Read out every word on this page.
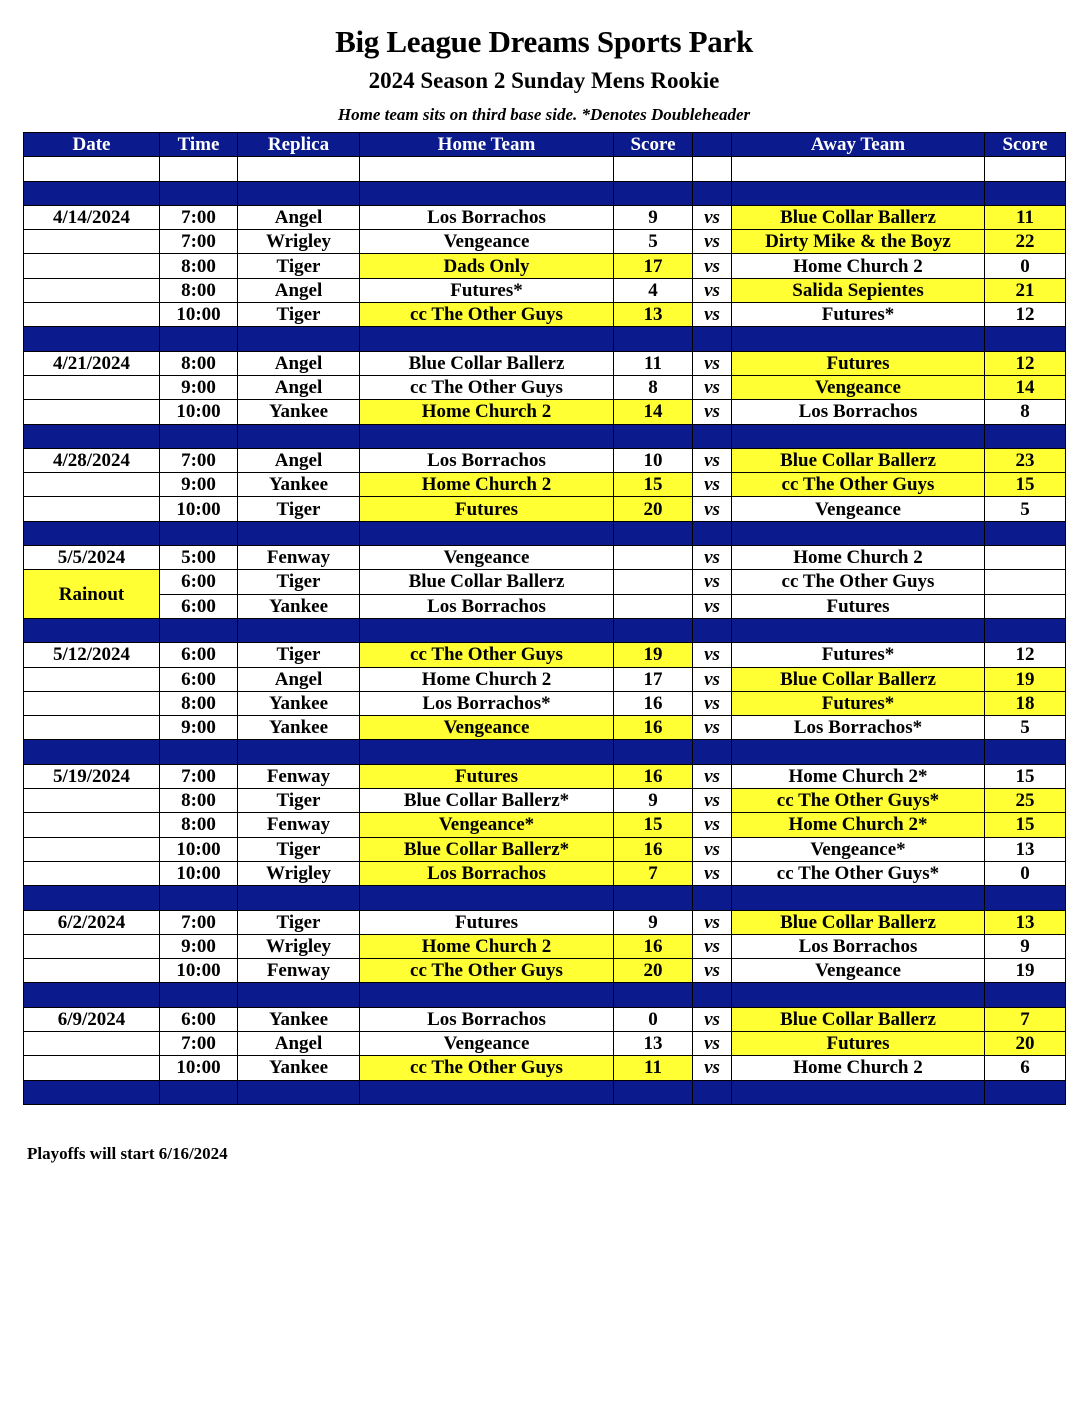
Big League Dreams Sports Park
2024 Season 2 Sunday Mens Rookie
Home team sits on third base side. *Denotes Doubleheader
Date	Time	Replica	Home Team	Score		Away Team	Score

4/14/2024	7:00	Angel	Los Borrachos	9	vs	Blue Collar Ballerz	11
	7:00	Wrigley	Vengeance	5	vs	Dirty Mike & the Boyz	22
	8:00	Tiger	Dads Only	17	vs	Home Church 2	0
	8:00	Angel	Futures*	4	vs	Salida Sepientes	21
	10:00	Tiger	cc The Other Guys	13	vs	Futures*	12

4/21/2024	8:00	Angel	Blue Collar Ballerz	11	vs	Futures	12
	9:00	Angel	cc The Other Guys	8	vs	Vengeance	14
	10:00	Yankee	Home Church 2	14	vs	Los Borrachos	8

4/28/2024	7:00	Angel	Los Borrachos	10	vs	Blue Collar Ballerz	23
	9:00	Yankee	Home Church 2	15	vs	cc The Other Guys	15
	10:00	Tiger	Futures	20	vs	Vengeance	5

5/5/2024	5:00	Fenway	Vengeance		vs	Home Church 2	
Rainout	6:00	Tiger	Blue Collar Ballerz		vs	cc The Other Guys	
	6:00	Yankee	Los Borrachos		vs	Futures	

5/12/2024	6:00	Tiger	cc The Other Guys	19	vs	Futures*	12
	6:00	Angel	Home Church 2	17	vs	Blue Collar Ballerz	19
	8:00	Yankee	Los Borrachos*	16	vs	Futures*	18
	9:00	Yankee	Vengeance	16	vs	Los Borrachos*	5

5/19/2024	7:00	Fenway	Futures	16	vs	Home Church 2*	15
	8:00	Tiger	Blue Collar Ballerz*	9	vs	cc The Other Guys*	25
	8:00	Fenway	Vengeance*	15	vs	Home Church 2*	15
	10:00	Tiger	Blue Collar Ballerz*	16	vs	Vengeance*	13
	10:00	Wrigley	Los Borrachos	7	vs	cc The Other Guys*	0

6/2/2024	7:00	Tiger	Futures	9	vs	Blue Collar Ballerz	13
	9:00	Wrigley	Home Church 2	16	vs	Los Borrachos	9
	10:00	Fenway	cc The Other Guys	20	vs	Vengeance	19

6/9/2024	6:00	Yankee	Los Borrachos	0	vs	Blue Collar Ballerz	7
	7:00	Angel	Vengeance	13	vs	Futures	20
	10:00	Yankee	cc The Other Guys	11	vs	Home Church 2	6

Playoffs will start 6/16/2024
